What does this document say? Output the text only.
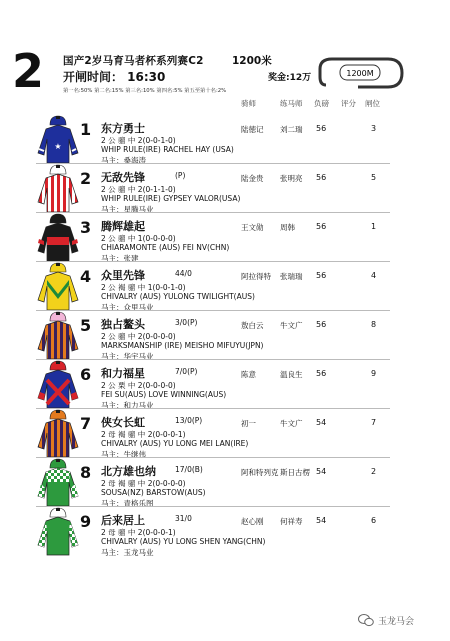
2 国产2岁马育马者杯系列赛C2	1200米
开闸时间： 16:30	奖金:12万
第一名:50% 第二名:15% 第三名:10% 第四名:5% 第五至第十名:2%
1200M
骑师	练马师 负磅 评分 闸位
★
1 东方勇士
2 公 骝 中 2(0-0-1-0)
WHIP RULE(IRE) RACHEL HAY (USA)
马主：桑海涛
陆徳记 刘二瑞 56	3
2 无敌先锋	(P)
2 公 骝 中 2(0-1-1-0)
WHIP RULE(IRE) GYPSEY VALOR(USA)
马主：星腾马业
陆金贵 张明亮 56	5
3 腾辉雄起
2 公 骝 中 1(0-0-0-0)
CHIARAMONTE (AUS) FEI NV(CHN)
马主：张建
王文勋 周韩	56	1
4 众里先锋	44/0
2 公 褐 骝 中 1(0-0-1-0)
CHIVALRY (AUS) YULONG TWILIGHT(AUS)
马主：众里马业
阿拉得特 张瑞瑞 56	4
5 独占鳌头	3/0(P)
2 公 骝 中 2(0-0-0-0)
MARKSMANSHIP (IRE) MEISHO MIFUYU(JPN)
马主：华宇马业
敖白云 牛文广 56	8
6 和力福星	7/0(P)
2 公 栗 中 2(0-0-0-0)
FEI SU(AUS) LOVE WINNING(AUS)
马主：和力马业
陈意	温良生 56	9
7 侠女长虹	13/0(P)
2 母 褐 骝 中 2(0-0-0-1)
CHIVALRY (AUS) YU LONG MEI LAN(IRE)
马主：牛继伟
初一	牛文广 54	7
8 北方雄也纳	17/0(B)
2 母 褐 骝 中 2(0-0-0-0)
SOUSA(NZ) BARSTOW(AUS)
马主：青格乐图
阿和特列克 斯日古楞 54	2
9 后来居上	31/0
2 母 骝 中 2(0-0-0-1)
CHIVALRY (AUS) YU LONG SHEN YANG(CHN)
马主：玉龙马业
赵心刚 何祥寿 54	6
玉龙马会
